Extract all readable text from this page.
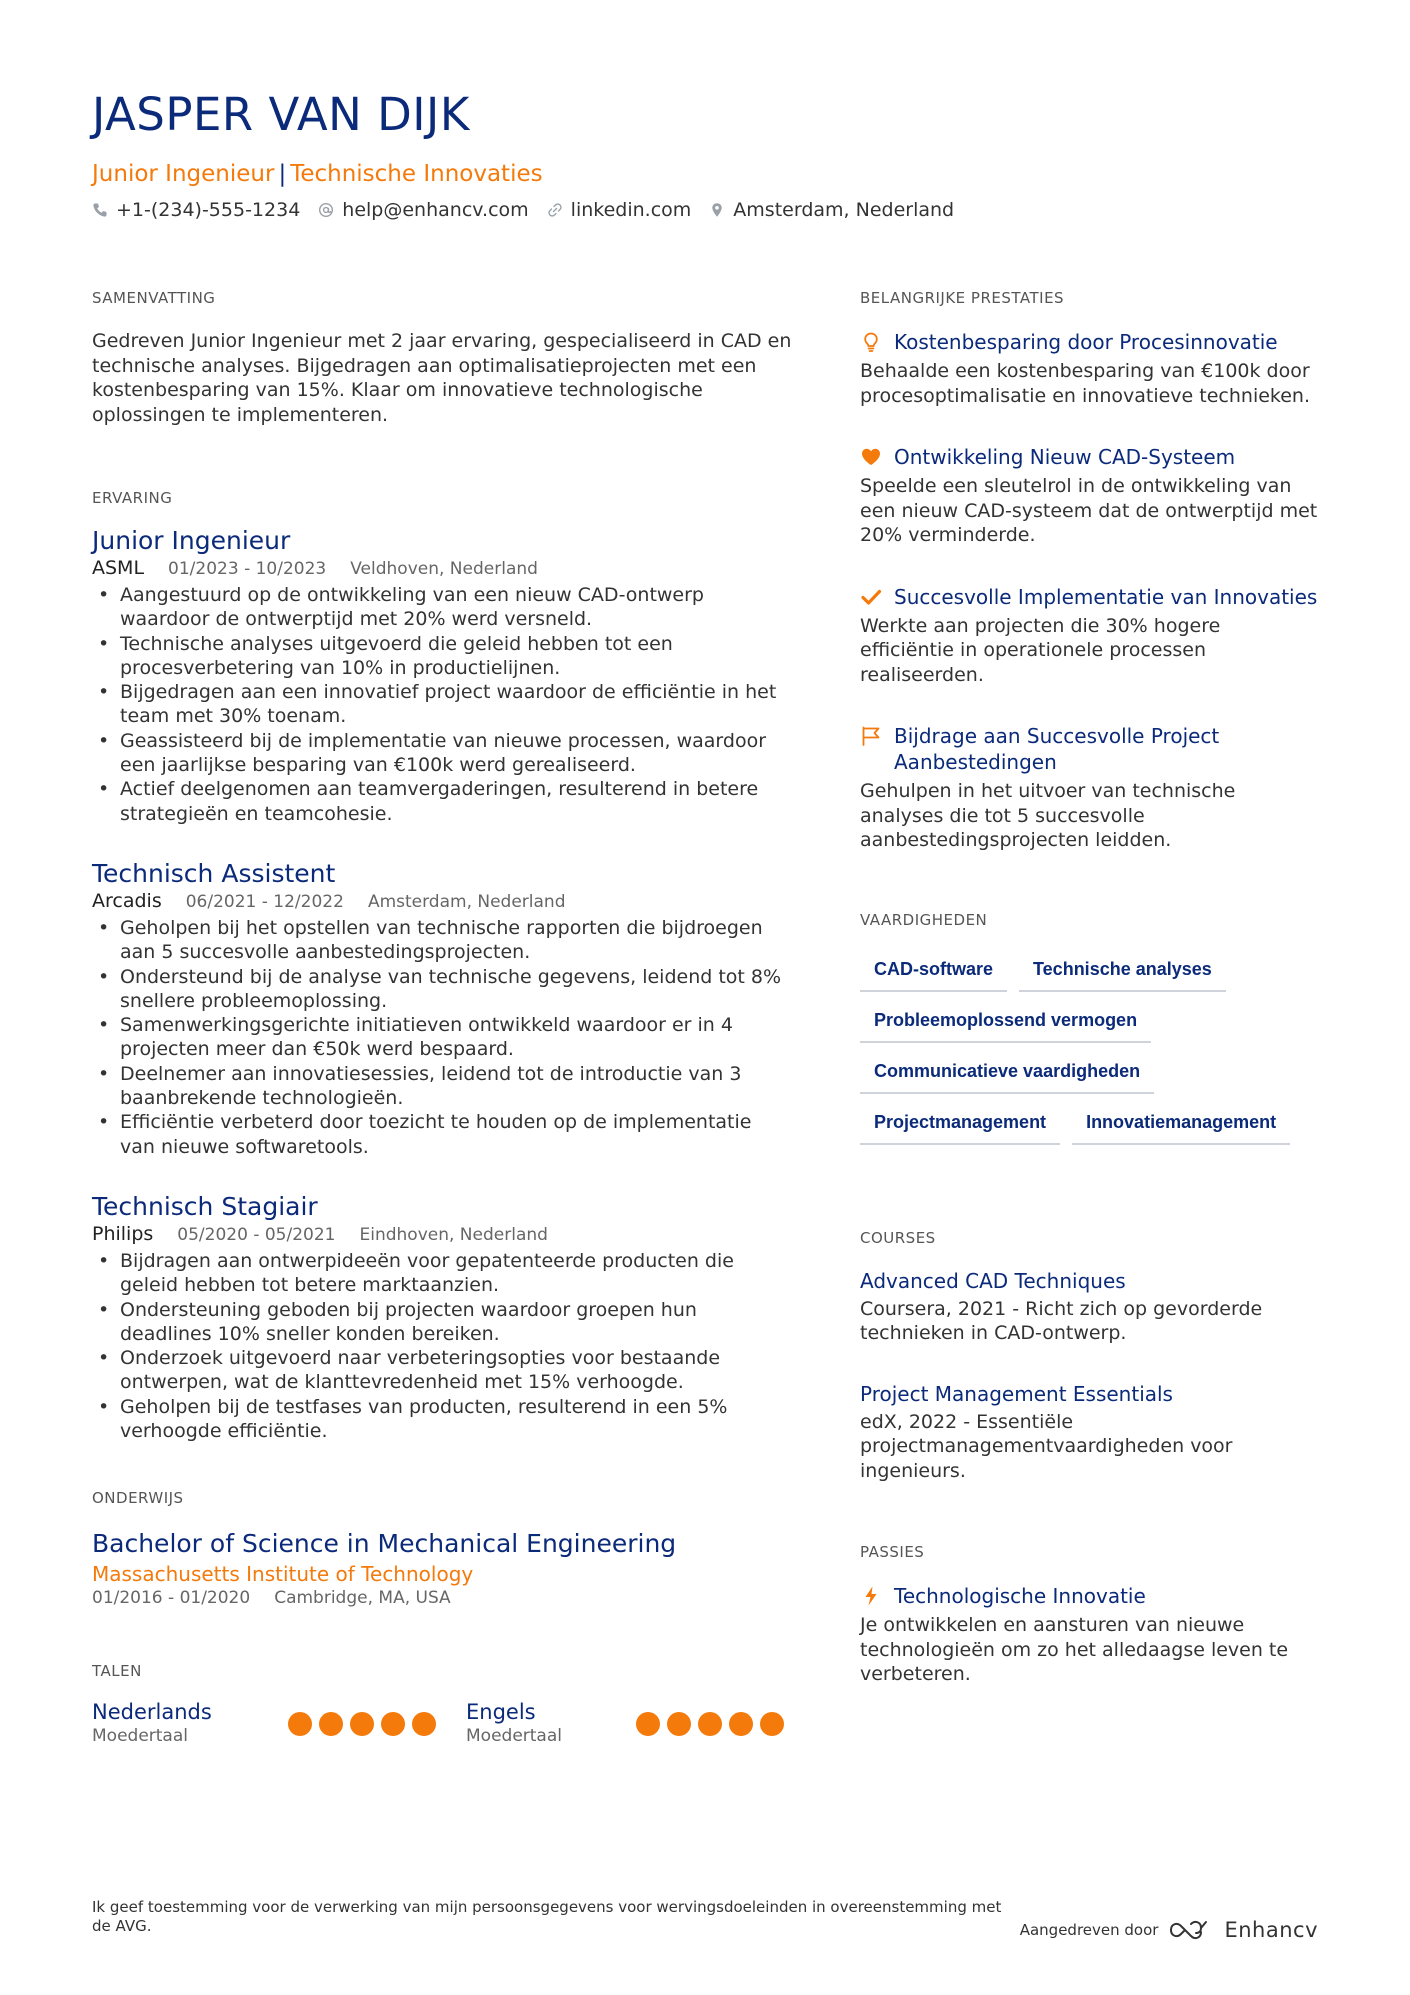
JASPER VAN DIJK
Junior Ingenieur | Technische Innovaties
+1-(234)-555-1234 help@enhancv.com linkedin.com Amsterdam, Nederland
SAMENVATTING

Gedreven Junior Ingenieur met 2 jaar ervaring, gespecialiseerd in CAD en technische analyses. Bijgedragen aan optimalisatieprojecten met een kostenbesparing van 15%. Klaar om innovatieve technologische oplossingen te implementeren.

ERVARING
Junior Ingenieur
ASML 01/2023 - 10/2023 Veldhoven, Nederland
• Aangestuurd op de ontwikkeling van een nieuw CAD-ontwerp waardoor de ontwerptijd met 20% werd versneld.
• Technische analyses uitgevoerd die geleid hebben tot een procesverbetering van 10% in productielijnen.
• Bijgedragen aan een innovatief project waardoor de efficiëntie in het team met 30% toenam.
• Geassisteerd bij de implementatie van nieuwe processen, waardoor een jaarlijkse besparing van €100k werd gerealiseerd.
• Actief deelgenomen aan teamvergaderingen, resulterend in betere strategieën en teamcohesie.
Technisch Assistent
Arcadis 06/2021 - 12/2022 Amsterdam, Nederland
• Geholpen bij het opstellen van technische rapporten die bijdroegen aan 5 succesvolle aanbestedingsprojecten.
• Ondersteund bij de analyse van technische gegevens, leidend tot 8% snellere probleemoplossing.
• Samenwerkingsgerichte initiatieven ontwikkeld waardoor er in 4 projecten meer dan €50k werd bespaard.
• Deelnemer aan innovatiesessies, leidend tot de introductie van 3 baanbrekende technologieën.
• Efficiëntie verbeterd door toezicht te houden op de implementatie van nieuwe softwaretools.
Technisch Stagiair
Philips 05/2020 - 05/2021 Eindhoven, Nederland
• Bijdragen aan ontwerpideeën voor gepatenteerde producten die geleid hebben tot betere marktaanzien.
• Ondersteuning geboden bij projecten waardoor groepen hun deadlines 10% sneller konden bereiken.
• Onderzoek uitgevoerd naar verbeteringsopties voor bestaande ontwerpen, wat de klanttevredenheid met 15% verhoogde.
• Geholpen bij de testfases van producten, resulterend in een 5% verhoogde efficiëntie.
ONDERWIJS
Bachelor of Science in Mechanical Engineering
Massachusetts Institute of Technology
01/2016 - 01/2020 Cambridge, MA, USA
TALEN
Nederlands
Moedertaal
Engels
Moedertaal
BELANGRIJKE PRESTATIES
Kostenbesparing door Procesinnovatie

Behaalde een kostenbesparing van €100k door procesoptimalisatie en innovatieve technieken.

Ontwikkeling Nieuw CAD-Systeem

Speelde een sleutelrol in de ontwikkeling van een nieuw CAD-systeem dat de ontwerptijd met 20% verminderde.

Succesvolle Implementatie van Innovaties

Werkte aan projecten die 30% hogere efficiëntie in operationele processen realiseerden.

Bijdrage aan Succesvolle Project Aanbestedingen

Gehulpen in het uitvoer van technische analyses die tot 5 succesvolle aanbestedingsprojecten leidden.

VAARDIGHEDEN
CAD-software	Technische analyses
Probleemoplossend vermogen
Communicatieve vaardigheden
Projectmanagement	Innovatiemanagement
COURSES
Advanced CAD Techniques

Coursera, 2021 - Richt zich op gevorderde technieken in CAD-ontwerp.

Project Management Essentials

edX, 2022 - Essentiële projectmanagementvaardigheden voor ingenieurs.

PASSIES
Technologische Innovatie

Je ontwikkelen en aansturen van nieuwe technologieën om zo het alledaagse leven te verbeteren.

Ik geef toestemming voor de verwerking van mijn persoonsgegevens voor wervingsdoeleinden in overeenstemming met de AVG.	Aangedreven door	Enhancv
